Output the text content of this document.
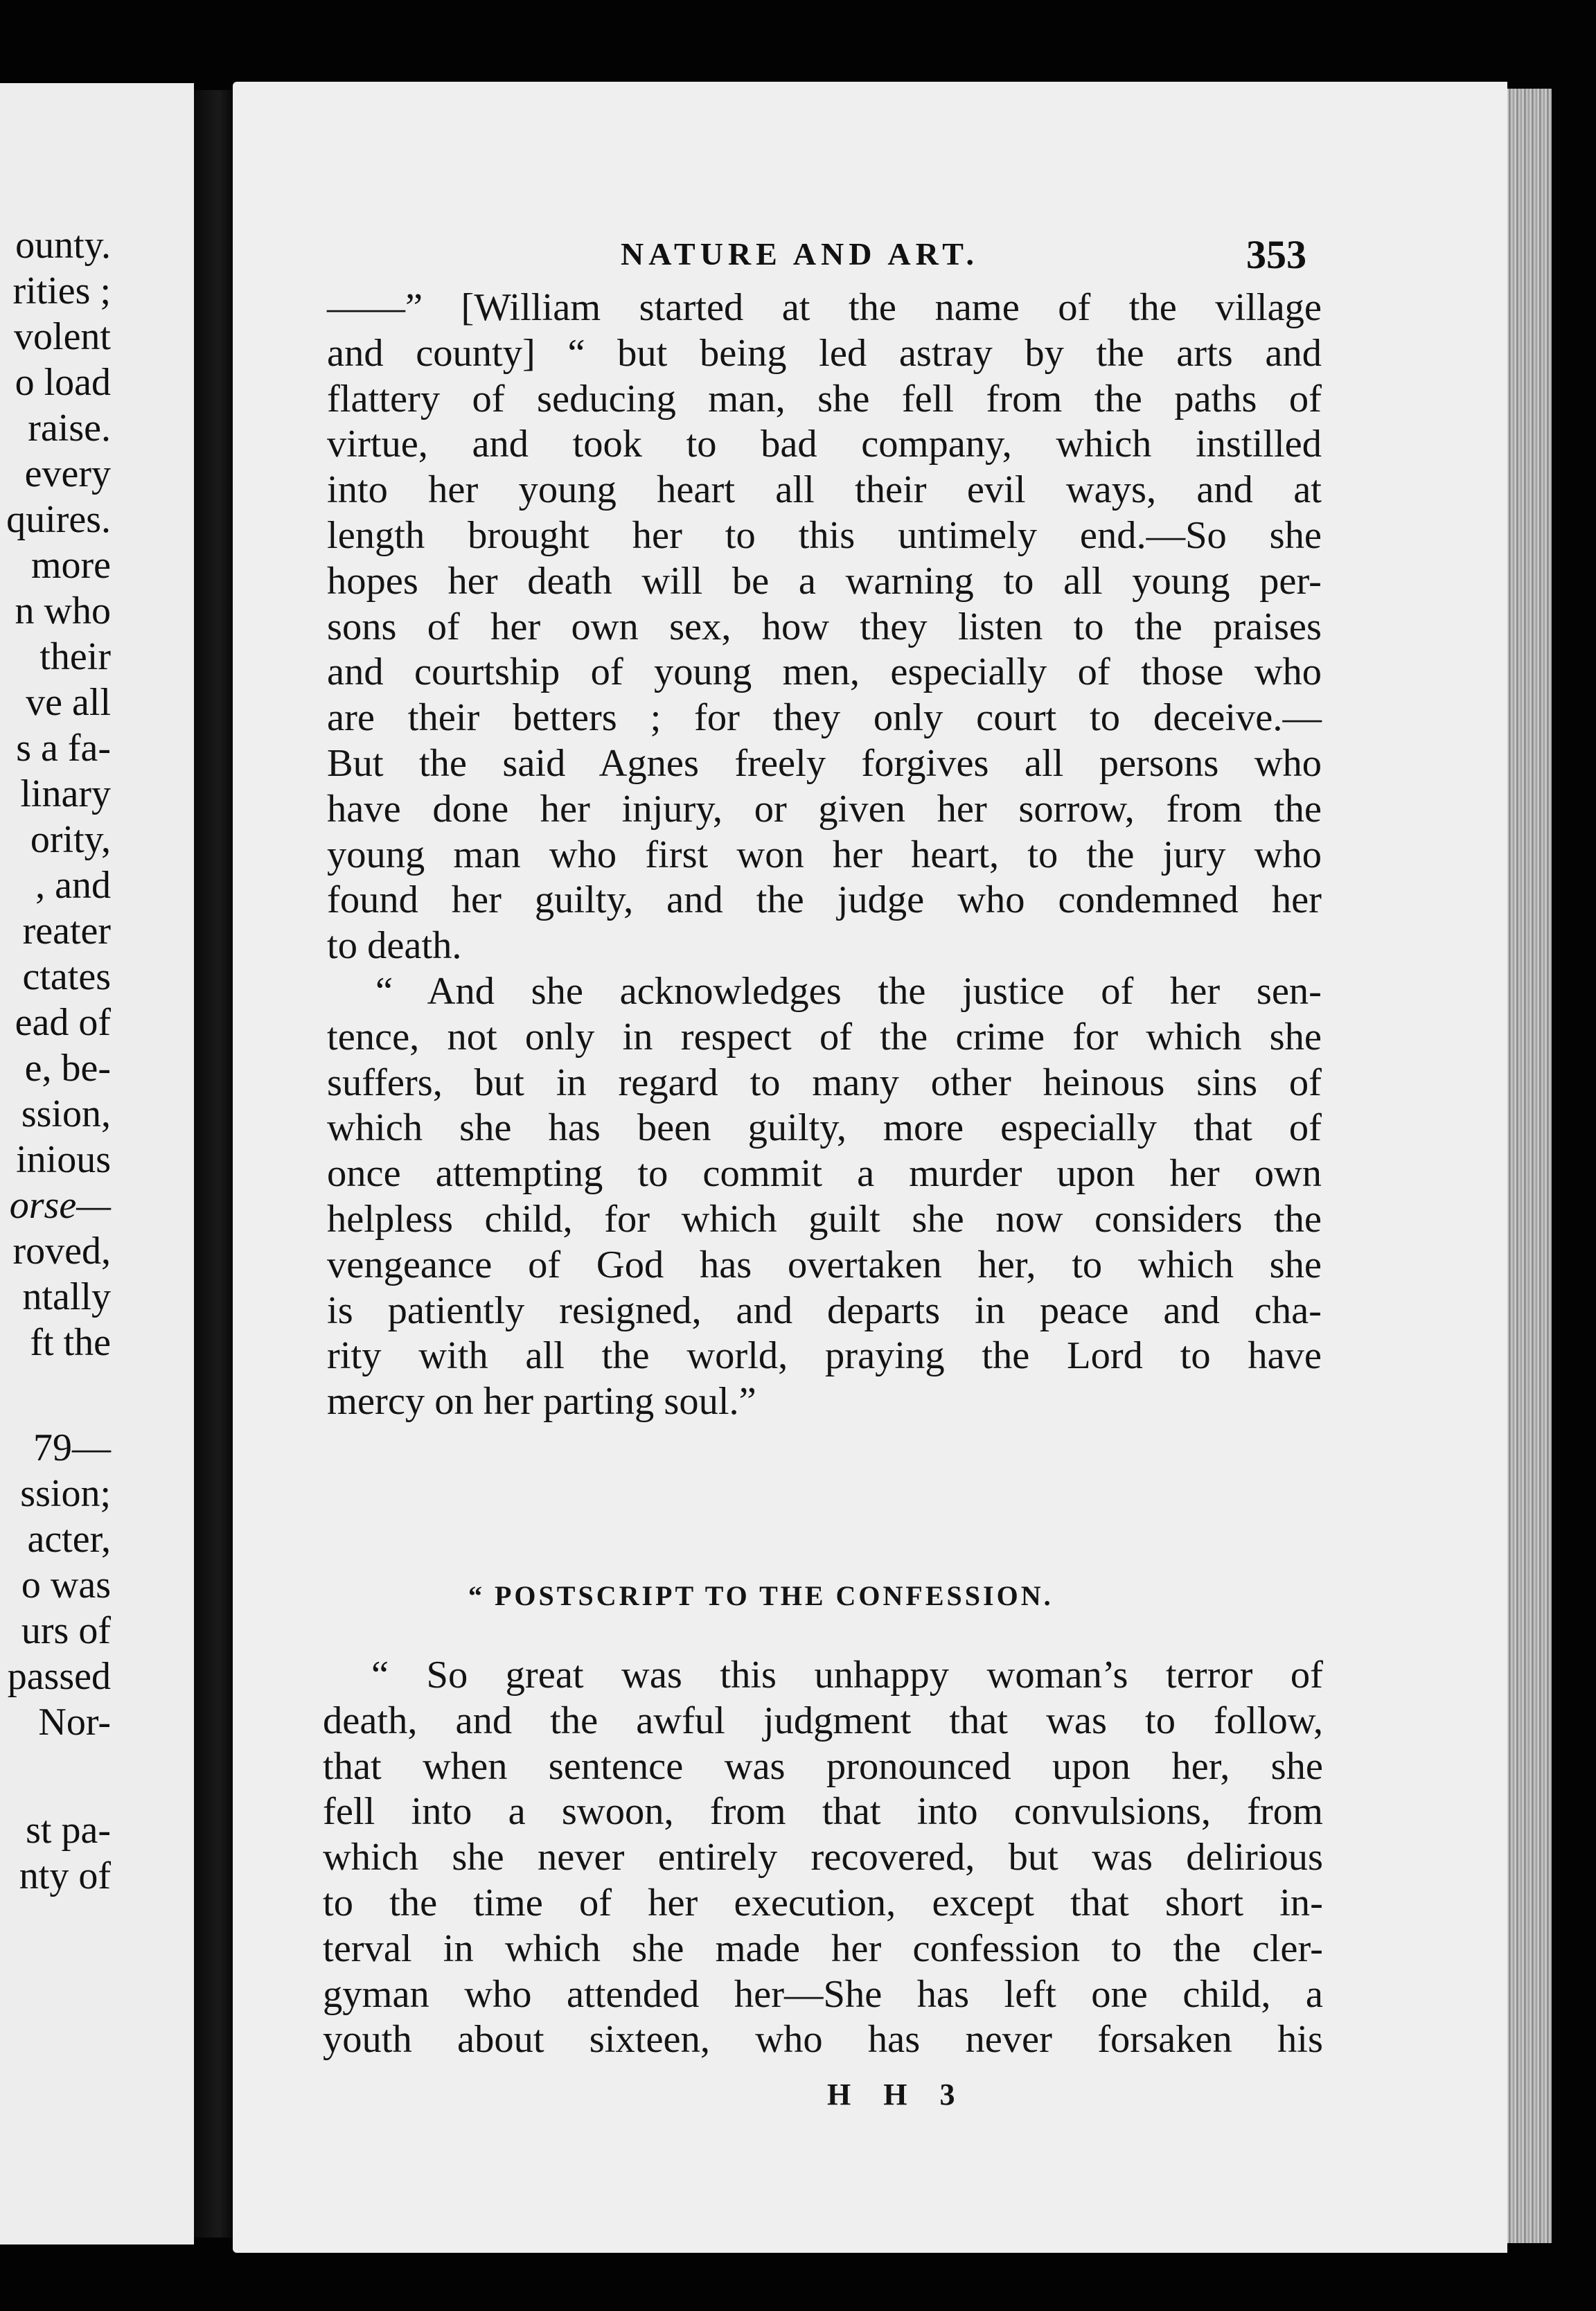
ounty.
rities ;
volent
o load
raise.
every
quires.
more
n who
their
ve all
s a fa-
linary
ority,
, and
reater
ctates
ead of
e, be-
ssion,
inious
orse—
roved,
ntally
ft the
79—
ssion;
acter,
o was
urs of
passed
Nor-
st pa-
nty of
NATURE AND ART.	353
——” [William started at the name of the village
and county] “ but being led astray by the arts and
flattery of seducing man, she fell from the paths of
virtue, and took to bad company, which instilled
into her young heart all their evil ways, and at
length brought her to this untimely end.—So she
hopes her death will be a warning to all young per-
sons of her own sex, how they listen to the praises
and courtship of young men, especially of those who
are their betters ; for they only court to deceive.—
But the said Agnes freely forgives all persons who
have done her injury, or given her sorrow, from the
young man who first won her heart, to the jury who
found her guilty, and the judge who condemned her
to death.
“ And she acknowledges the justice of her sen-
tence, not only in respect of the crime for which she
suffers, but in regard to many other heinous sins of
which she has been guilty, more especially that of
once attempting to commit a murder upon her own
helpless child, for which guilt she now considers the
vengeance of God has overtaken her, to which she
is patiently resigned, and departs in peace and cha-
rity with all the world, praying the Lord to have
mercy on her parting soul.”
“ POSTSCRIPT TO THE CONFESSION.
“ So great was this unhappy woman’s terror of
death, and the awful judgment that was to follow,
that when sentence was pronounced upon her, she
fell into a swoon, from that into convulsions, from
which she never entirely recovered, but was delirious
to the time of her execution, except that short in-
terval in which she made her confession to the cler-
gyman who attended her—She has left one child, a
youth about sixteen, who has never forsaken his
H H 3
